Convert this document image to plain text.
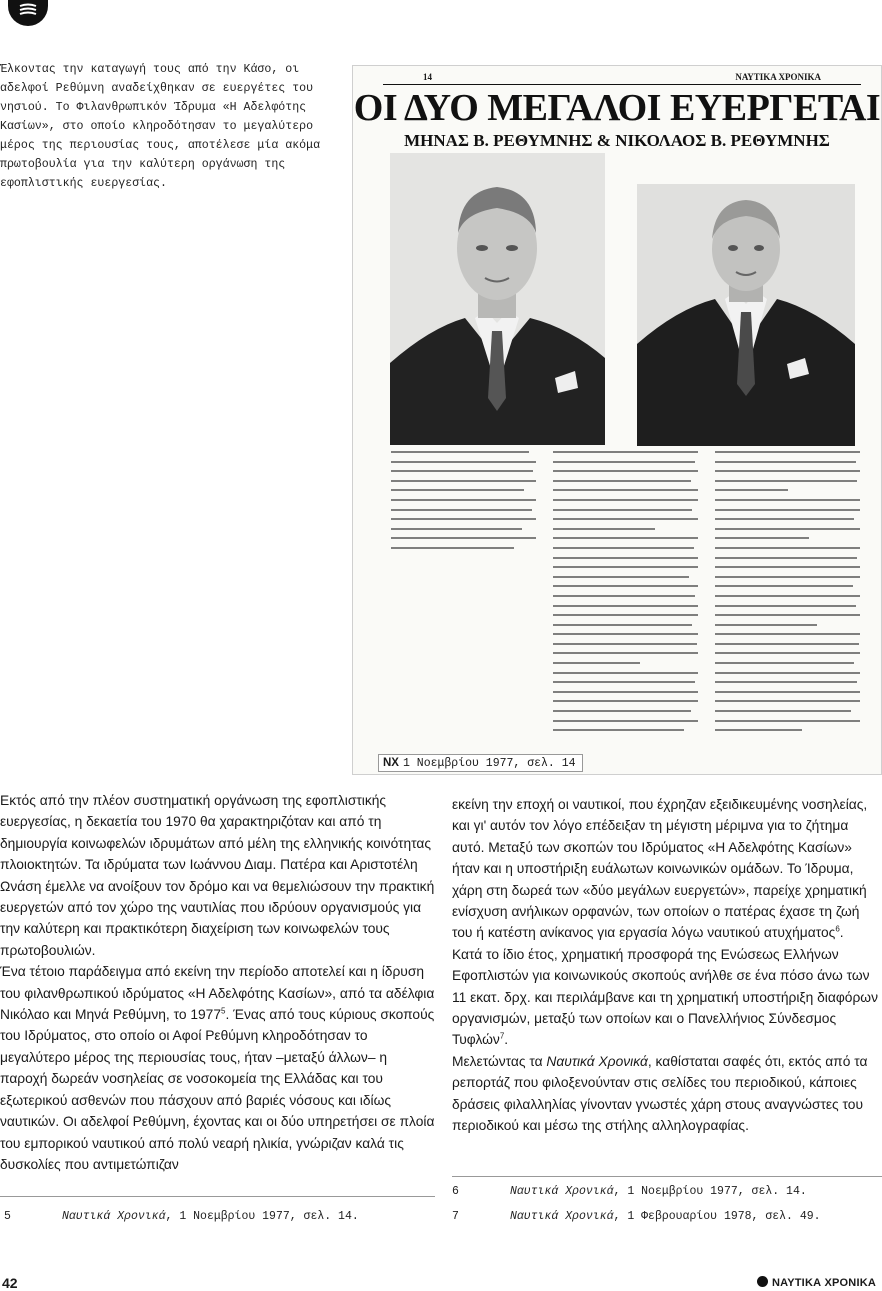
Έλκοντας την καταγωγή τους από την Κάσο, οι αδελφοί Ρεθύμνη αναδείχθηκαν σε ευεργέτες του νησιού. Το Φιλανθρωπικόν Ίδρυμα «Η Αδελφότης Κασίων», στο οποίο κληροδότησαν το μεγαλύτερο μέρος της περιουσίας τους, αποτέλεσε μία ακόμα πρωτοβουλία για την καλύτερη οργάνωση της εφοπλιστικής ευεργεσίας.
14	ΝΑΥΤΙΚΑ ΧΡΟΝΙΚΑ
ΟΙ ΔΥΟ ΜΕΓΑΛΟΙ ΕΥΕΡΓΕΤΑΙ
ΜΗΝΑΣ Β. ΡΕΘΥΜΝΗΣ & ΝΙΚΟΛΑΟΣ Β. ΡΕΘΥΜΝΗΣ
NX 1 Νοεμβρίου 1977, σελ. 14

Εκτός από την πλέον συστηματική οργάνωση της εφοπλιστικής ευεργεσίας, η δεκαετία του 1970 θα χαρακτηριζόταν και από τη δημιουργία κοινωφελών ιδρυμάτων από μέλη της ελληνικής κοινότητας πλοιοκτητών. Τα ιδρύματα των Ιωάννου Διαμ. Πατέρα και Αριστοτέλη Ωνάση έμελλε να ανοίξουν τον δρόμο και να θεμελιώσουν την πρακτική ευεργετών από τον χώρο της ναυτιλίας που ιδρύουν οργανισμούς για την καλύτερη και πρακτικότερη διαχείριση των κοινωφελών τους πρωτοβουλιών.

Ένα τέτοιο παράδειγμα από εκείνη την περίοδο αποτελεί και η ίδρυση του φιλανθρωπικού ιδρύματος «Η Αδελφότης Κασίων», από τα αδέλφια Νικόλαο και Μηνά Ρεθύμνη, το 1977$^5$. Ένας από τους κύριους σκοπούς του Ιδρύματος, στο οποίο οι Αφοί Ρεθύμνη κληροδότησαν το μεγαλύτερο μέρος της περιουσίας τους, ήταν –μεταξύ άλλων– η παροχή δωρεάν νοσηλείας σε νοσοκομεία της Ελλάδας και του εξωτερικού ασθενών που πάσχουν από βαριές νόσους και ιδίως ναυτικών. Οι αδελφοί Ρεθύμνη, έχοντας και οι δύο υπηρετήσει σε πλοία του εμπορικού ναυτικού από πολύ νεαρή ηλικία, γνώριζαν καλά τις δυσκολίες που αντιμετώπιζαν

εκείνη την εποχή οι ναυτικοί, που έχρηζαν εξειδικευμένης νοσηλείας, και γι' αυτόν τον λόγο επέδειξαν τη μέγιστη μέριμνα για το ζήτημα αυτό. Μεταξύ των σκοπών του Ιδρύματος «Η Αδελφότης Κασίων» ήταν και η υποστήριξη ευάλωτων κοινωνικών ομάδων. Το Ίδρυμα, χάρη στη δωρεά των «δύο μεγάλων ευεργετών», παρείχε χρηματική ενίσχυση ανήλικων ορφανών, των οποίων ο πατέρας έχασε τη ζωή του ή κατέστη ανίκανος για εργασία λόγω ναυτικού ατυχήματος$^6$.

Κατά το ίδιο έτος, χρηματική προσφορά της Ενώσεως Ελλήνων Εφοπλιστών για κοινωνικούς σκοπούς ανήλθε σε ένα πόσο άνω των 11 εκατ. δρχ. και περιλάμβανε και τη χρηματική υποστήριξη διαφόρων οργανισμών, μεταξύ των οποίων και ο Πανελλήνιος Σύνδεσμος Τυφλών$^7$.

Μελετώντας τα Ναυτικά Χρονικά, καθίσταται σαφές ότι, εκτός από τα ρεπορτάζ που φιλοξενούνταν στις σελίδες του περιοδικού, κάποιες δράσεις φιλαλληλίας γίνονταν γνωστές χάρη στους αναγνώστες του περιοδικού και μέσω της στήλης αλληλογραφίας.

5	Ναυτικά Χρονικά, 1 Νοεμβρίου 1977, σελ. 14.
6	Ναυτικά Χρονικά, 1 Νοεμβρίου 1977, σελ. 14.
7	Ναυτικά Χρονικά, 1 Φεβρουαρίου 1978, σελ. 49.
42	ΝΑΥΤΙΚΑ ΧΡΟΝΙΚΑ
